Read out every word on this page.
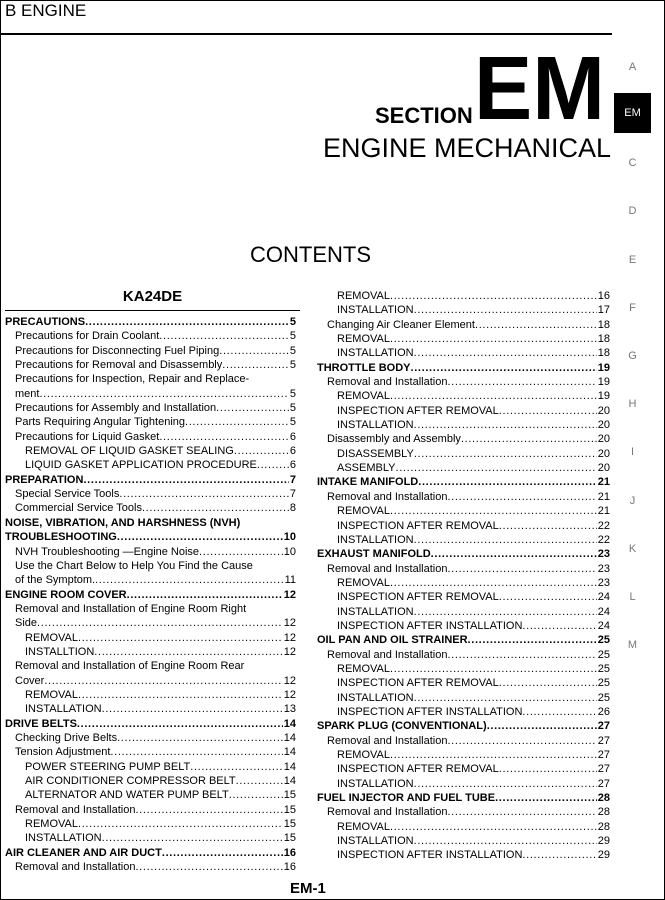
B ENGINE
SECTION EM
ENGINE MECHANICAL
CONTENTS
KA24DE
PRECAUTIONS . . .	5
Precautions for Drain Coolant . . .	5
Precautions for Disconnecting Fuel Piping . . .	5
Precautions for Removal and Disassembly . . .	5
Precautions for Inspection, Repair and Replace-
ment . . .	5
Precautions for Assembly and Installation . . .	5
Parts Requiring Angular Tightening . . .	5
Precautions for Liquid Gasket . . .	6
REMOVAL OF LIQUID GASKET SEALING . . .	6
LIQUID GASKET APPLICATION PROCEDURE . . .	6
PREPARATION . . .	7
Special Service Tools . . .	7
Commercial Service Tools . . .	8
NOISE, VIBRATION, AND HARSHNESS (NVH)
TROUBLESHOOTING . . .	10
NVH Troubleshooting —Engine Noise . . .	10
Use the Chart Below to Help You Find the Cause
of the Symptom. . . .	11
ENGINE ROOM COVER . . .	12
Removal and Installation of Engine Room Right
Side . . .	12
REMOVAL . . .	12
INSTALLTION . . .	12
Removal and Installation of Engine Room Rear
Cover . . .	12
REMOVAL . . .	12
INSTALLATION . . .	13
DRIVE BELTS . . .	14
Checking Drive Belts . . .	14
Tension Adjustment . . .	14
POWER STEERING PUMP BELT . . .	14
AIR CONDITIONER COMPRESSOR BELT . . .	14
ALTERNATOR AND WATER PUMP BELT . . .	15
Removal and Installation . . .	15
REMOVAL . . .	15
INSTALLATION . . .	15
AIR CLEANER AND AIR DUCT . . .	16
Removal and Installation . . .	16
REMOVAL . . .	16
INSTALLATION . . .	17
Changing Air Cleaner Element . . .	18
REMOVAL . . .	18
INSTALLATION . . .	18
THROTTLE BODY . . .	19
Removal and Installation . . .	19
REMOVAL . . .	19
INSPECTION AFTER REMOVAL . . .	20
INSTALLATION . . .	20
Disassembly and Assembly . . .	20
DISASSEMBLY . . .	20
ASSEMBLY . . .	20
INTAKE MANIFOLD . . .	21
Removal and Installation . . .	21
REMOVAL . . .	21
INSPECTION AFTER REMOVAL . . .	22
INSTALLATION . . .	22
EXHAUST MANIFOLD . . .	23
Removal and Installation . . .	23
REMOVAL . . .	23
INSPECTION AFTER REMOVAL . . .	24
INSTALLATION . . .	24
INSPECTION AFTER INSTALLATION . . .	24
OIL PAN AND OIL STRAINER . . .	25
Removal and Installation . . .	25
REMOVAL . . .	25
INSPECTION AFTER REMOVAL . . .	25
INSTALLATION . . .	25
INSPECTION AFTER INSTALLATION . . .	26
SPARK PLUG (CONVENTIONAL) . . .	27
Removal and Installation . . .	27
REMOVAL . . .	27
INSPECTION AFTER REMOVAL . . .	27
INSTALLATION . . .	27
FUEL INJECTOR AND FUEL TUBE . . .	28
Removal and Installation . . .	28
REMOVAL . . .	28
INSTALLATION . . .	29
INSPECTION AFTER INSTALLATION . . .	29
A
EM
C
D
E
F
G
H
I
J
K
L
M
EM-1
